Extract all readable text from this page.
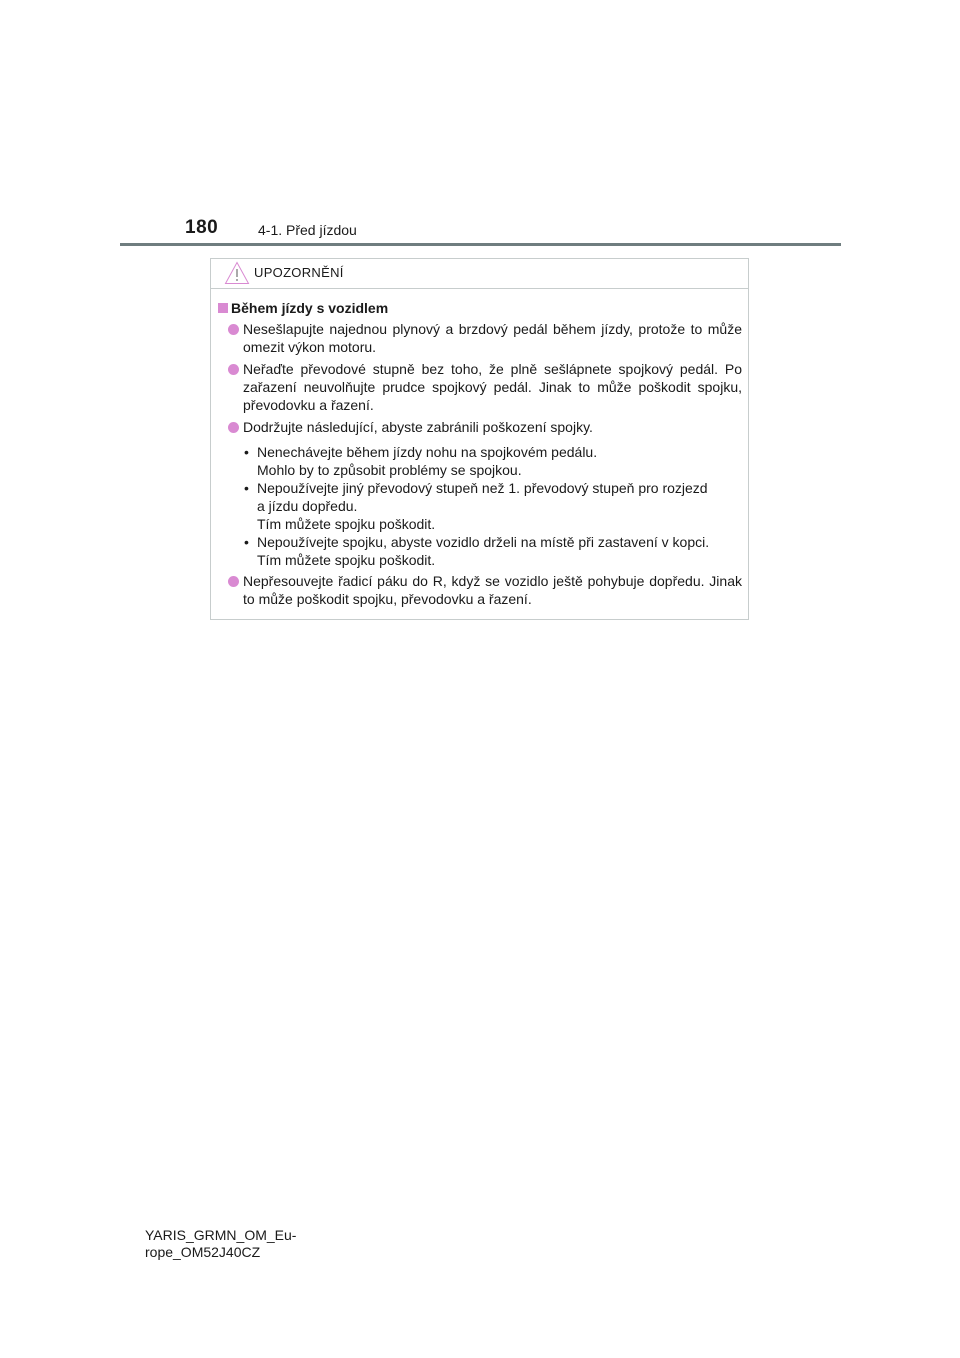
180	4-1. Před jízdou
UPOZORNĚNÍ
Během jízdy s vozidlem
Nesešlapujte najednou plynový a brzdový pedál během jízdy, protože to může omezit výkon motoru.
Neřaďte převodové stupně bez toho, že plně sešlápnete spojkový pedál. Po zařazení neuvolňujte prudce spojkový pedál. Jinak to může poškodit spojku, převodovku a řazení.
Dodržujte následující, abyste zabránili poškození spojky.
• Nenechávejte během jízdy nohu na spojkovém pedálu.
Mohlo by to způsobit problémy se spojkou.
• Nepoužívejte jiný převodový stupeň než 1. převodový stupeň pro rozjezd
a jízdu dopředu.
Tím můžete spojku poškodit.
• Nepoužívejte spojku, abyste vozidlo drželi na místě při zastavení v kopci.
Tím můžete spojku poškodit.
Nepřesouvejte řadicí páku do R, když se vozidlo ještě pohybuje dopředu. Jinak to může poškodit spojku, převodovku a řazení.
YARIS_GRMN_OM_Eu-
rope_OM52J40CZ
